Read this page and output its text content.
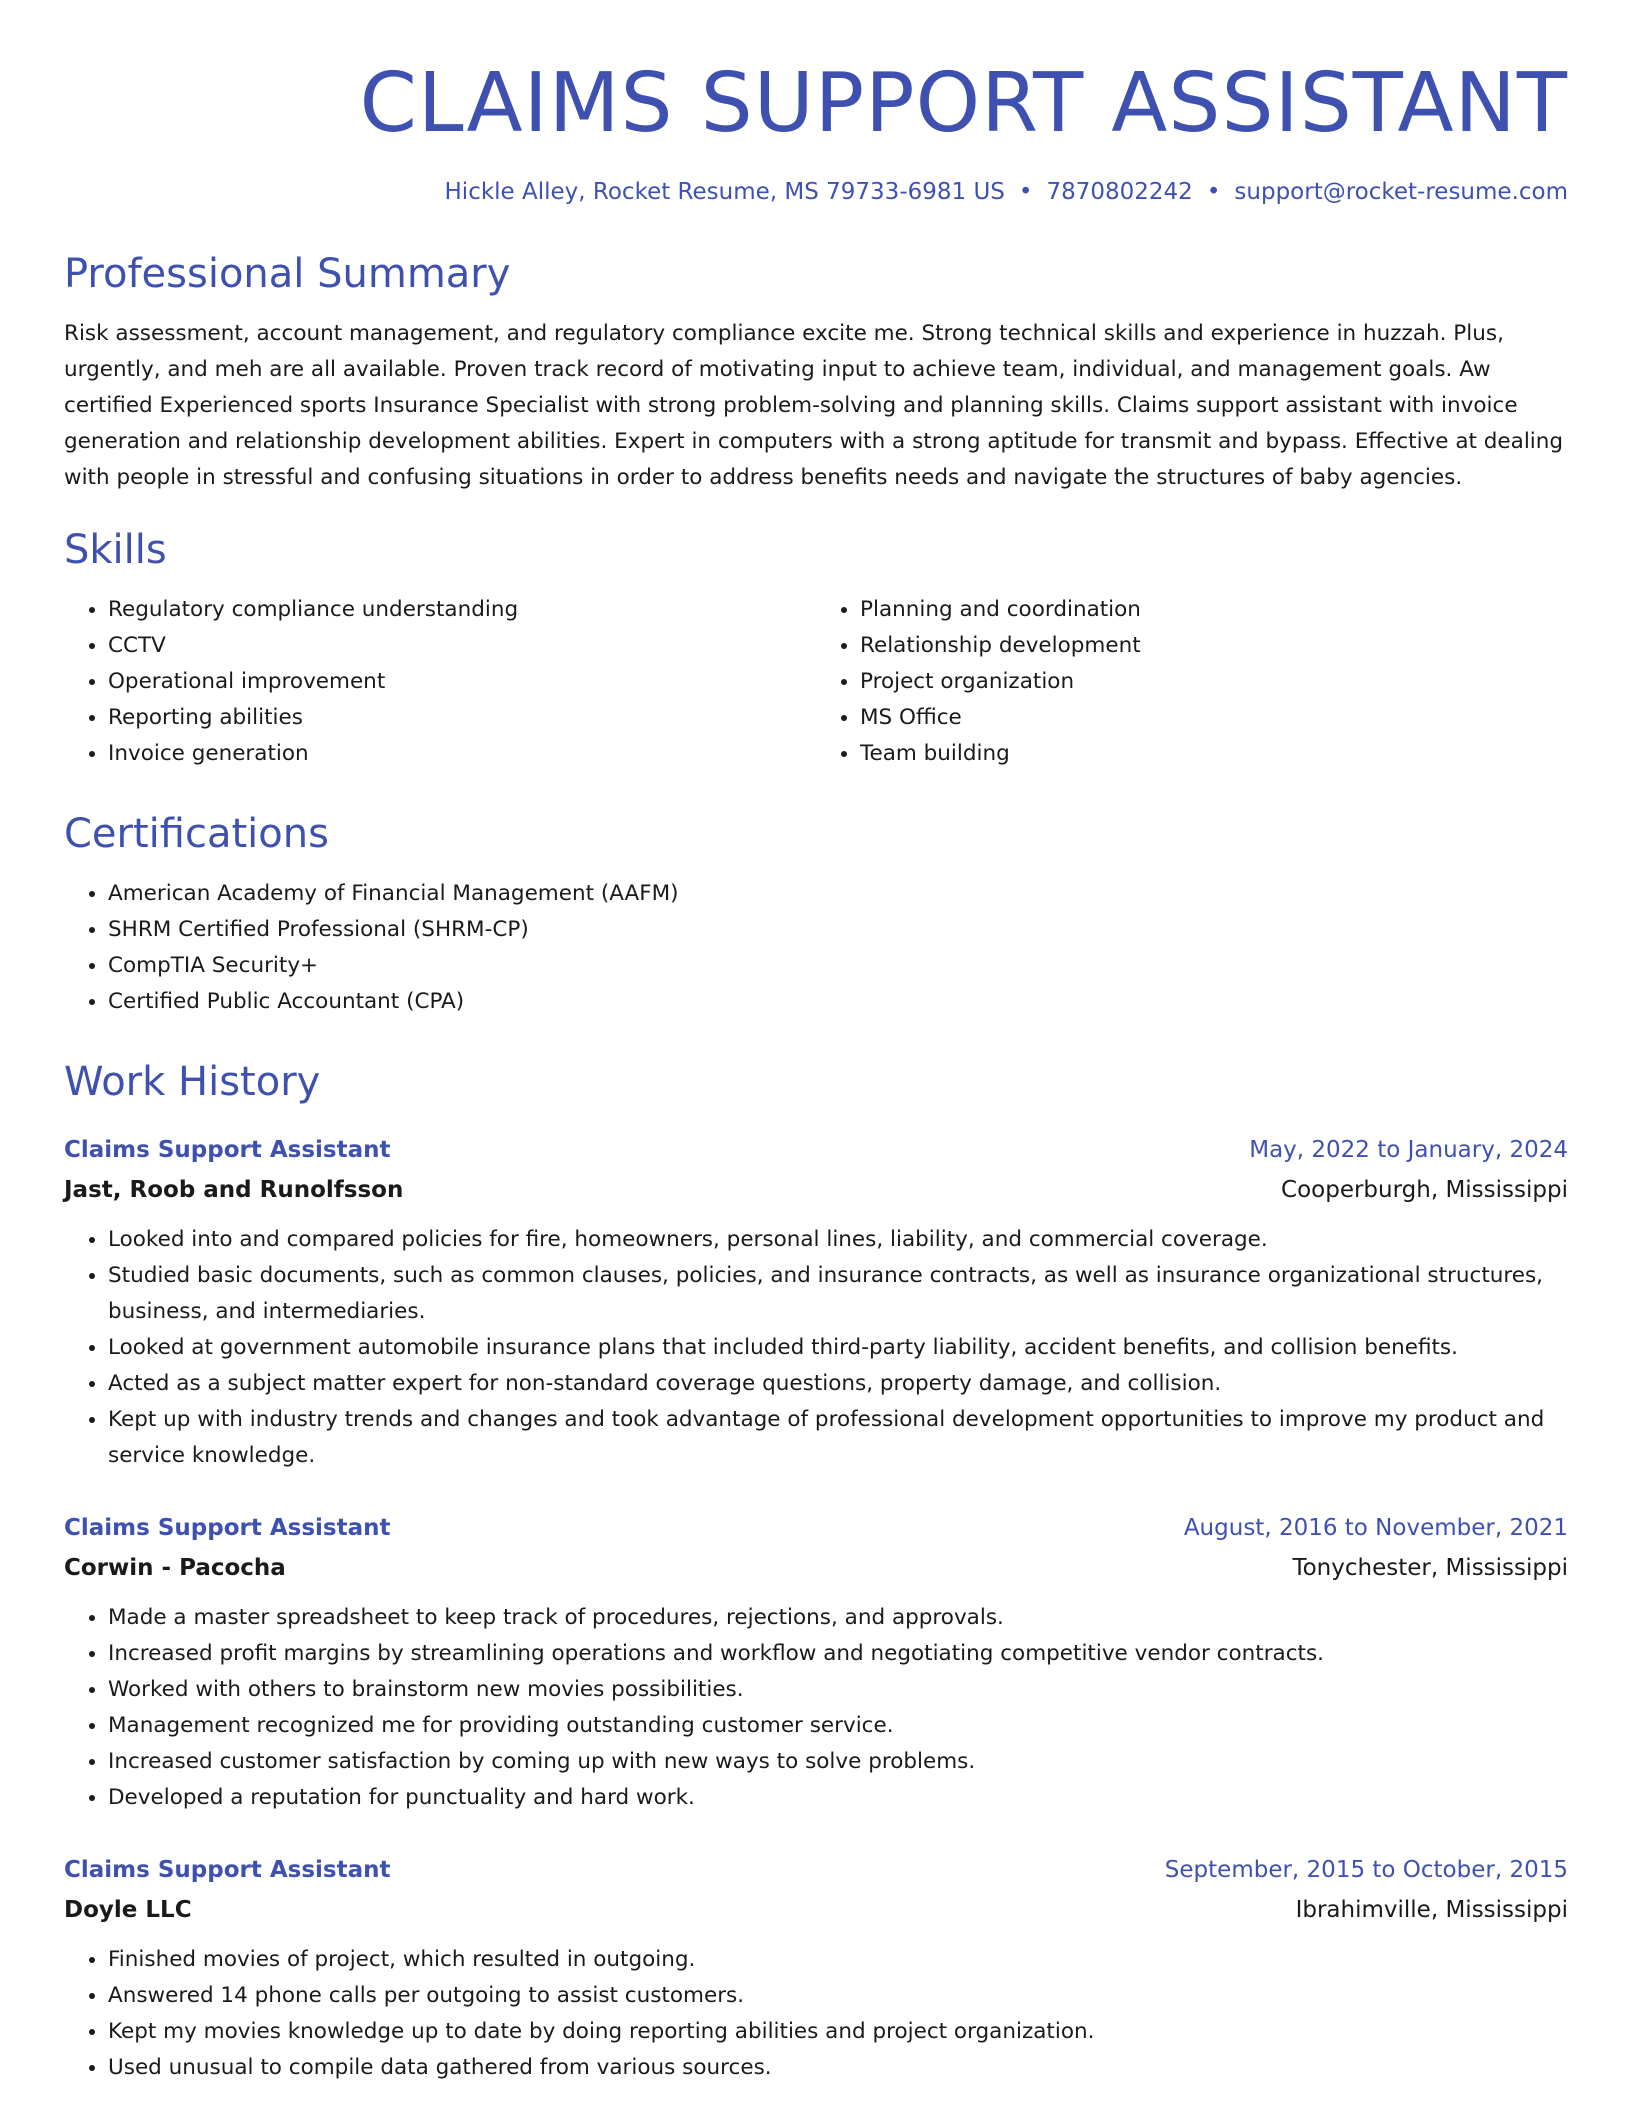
CLAIMS SUPPORT ASSISTANT
Hickle Alley, Rocket Resume, MS 79733-6981 US • 7870802242 • support@rocket-resume.com
Professional Summary

Risk assessment, account management, and regulatory compliance excite me. Strong technical skills and experience in huzzah. Plus, urgently, and meh are all available. Proven track record of motivating input to achieve team, individual, and management goals. Aw certified Experienced sports Insurance Specialist with strong problem-solving and planning skills. Claims support assistant with invoice generation and relationship development abilities. Expert in computers with a strong aptitude for transmit and bypass. Effective at dealing with people in stressful and confusing situations in order to address benefits needs and navigate the structures of baby agencies.

Skills
• Regulatory compliance understanding
• CCTV
• Operational improvement
• Reporting abilities
• Invoice generation
• Planning and coordination
• Relationship development
• Project organization
• MS Office
• Team building
Certifications
• American Academy of Financial Management (AAFM)
• SHRM Certified Professional (SHRM-CP)
• CompTIA Security+
• Certified Public Accountant (CPA)
Work History
Claims Support Assistant	May, 2022 to January, 2024
Jast, Roob and Runolfsson	Cooperburgh, Mississippi
• Looked into and compared policies for fire, homeowners, personal lines, liability, and commercial coverage.
• Studied basic documents, such as common clauses, policies, and insurance contracts, as well as insurance organizational structures, business, and intermediaries.
• Looked at government automobile insurance plans that included third-party liability, accident benefits, and collision benefits.
• Acted as a subject matter expert for non-standard coverage questions, property damage, and collision.
• Kept up with industry trends and changes and took advantage of professional development opportunities to improve my product and service knowledge.
Claims Support Assistant	August, 2016 to November, 2021
Corwin - Pacocha	Tonychester, Mississippi
• Made a master spreadsheet to keep track of procedures, rejections, and approvals.
• Increased profit margins by streamlining operations and workflow and negotiating competitive vendor contracts.
• Worked with others to brainstorm new movies possibilities.
• Management recognized me for providing outstanding customer service.
• Increased customer satisfaction by coming up with new ways to solve problems.
• Developed a reputation for punctuality and hard work.
Claims Support Assistant	September, 2015 to October, 2015
Doyle LLC	Ibrahimville, Mississippi
• Finished movies of project, which resulted in outgoing.
• Answered 14 phone calls per outgoing to assist customers.
• Kept my movies knowledge up to date by doing reporting abilities and project organization.
• Used unusual to compile data gathered from various sources.
